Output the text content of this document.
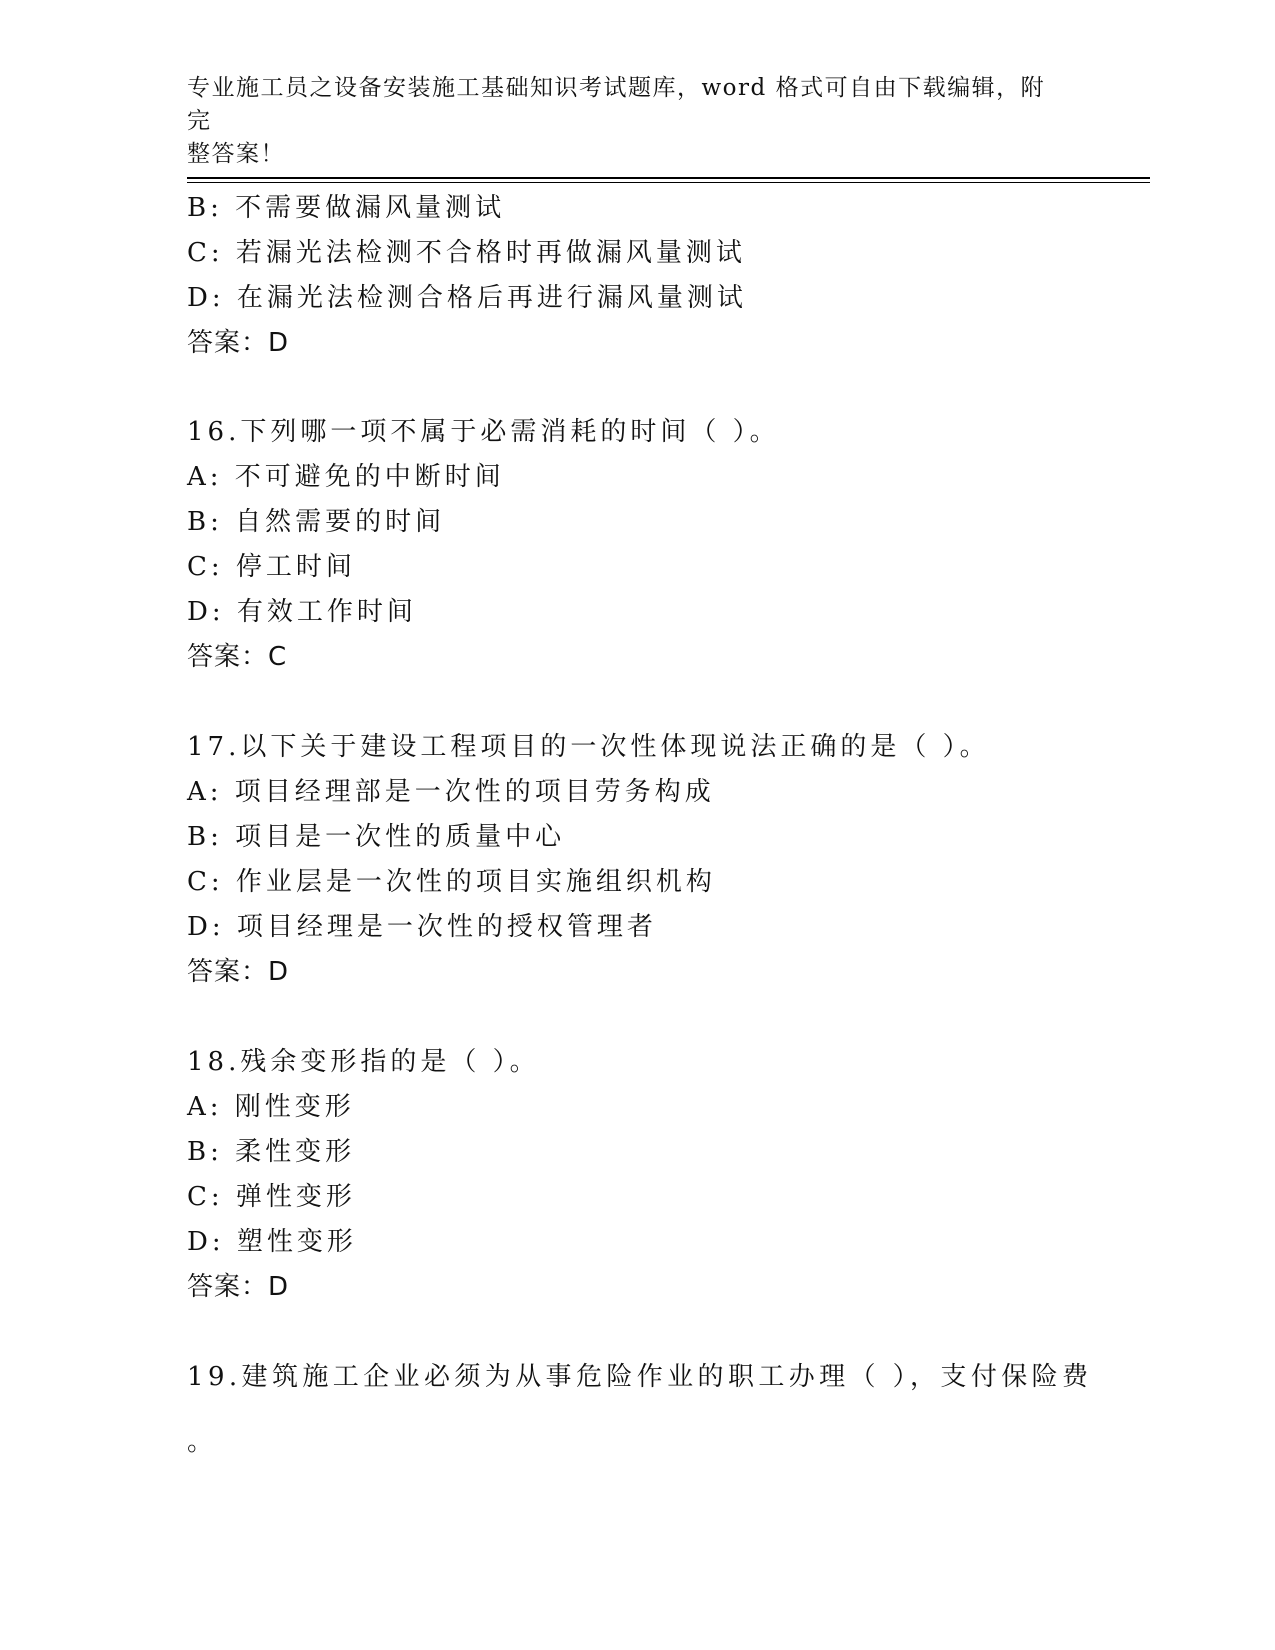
专业施工员之设备安装施工基础知识考试题库，word 格式可自由下载编辑，附完
整答案！
B: 不需要做漏风量测试
C: 若漏光法检测不合格时再做漏风量测试
D: 在漏光法检测合格后再进行漏风量测试
答案：D
16.下列哪一项不属于必需消耗的时间（ ）。
A: 不可避免的中断时间
B: 自然需要的时间
C: 停工时间
D: 有效工作时间
答案：C
17.以下关于建设工程项目的一次性体现说法正确的是（ ）。
A: 项目经理部是一次性的项目劳务构成
B: 项目是一次性的质量中心
C: 作业层是一次性的项目实施组织机构
D: 项目经理是一次性的授权管理者
答案：D
18.残余变形指的是（ ）。
A: 刚性变形
B: 柔性变形
C: 弹性变形
D: 塑性变形
答案：D
19.建筑施工企业必须为从事危险作业的职工办理（ ），支付保险费
。
